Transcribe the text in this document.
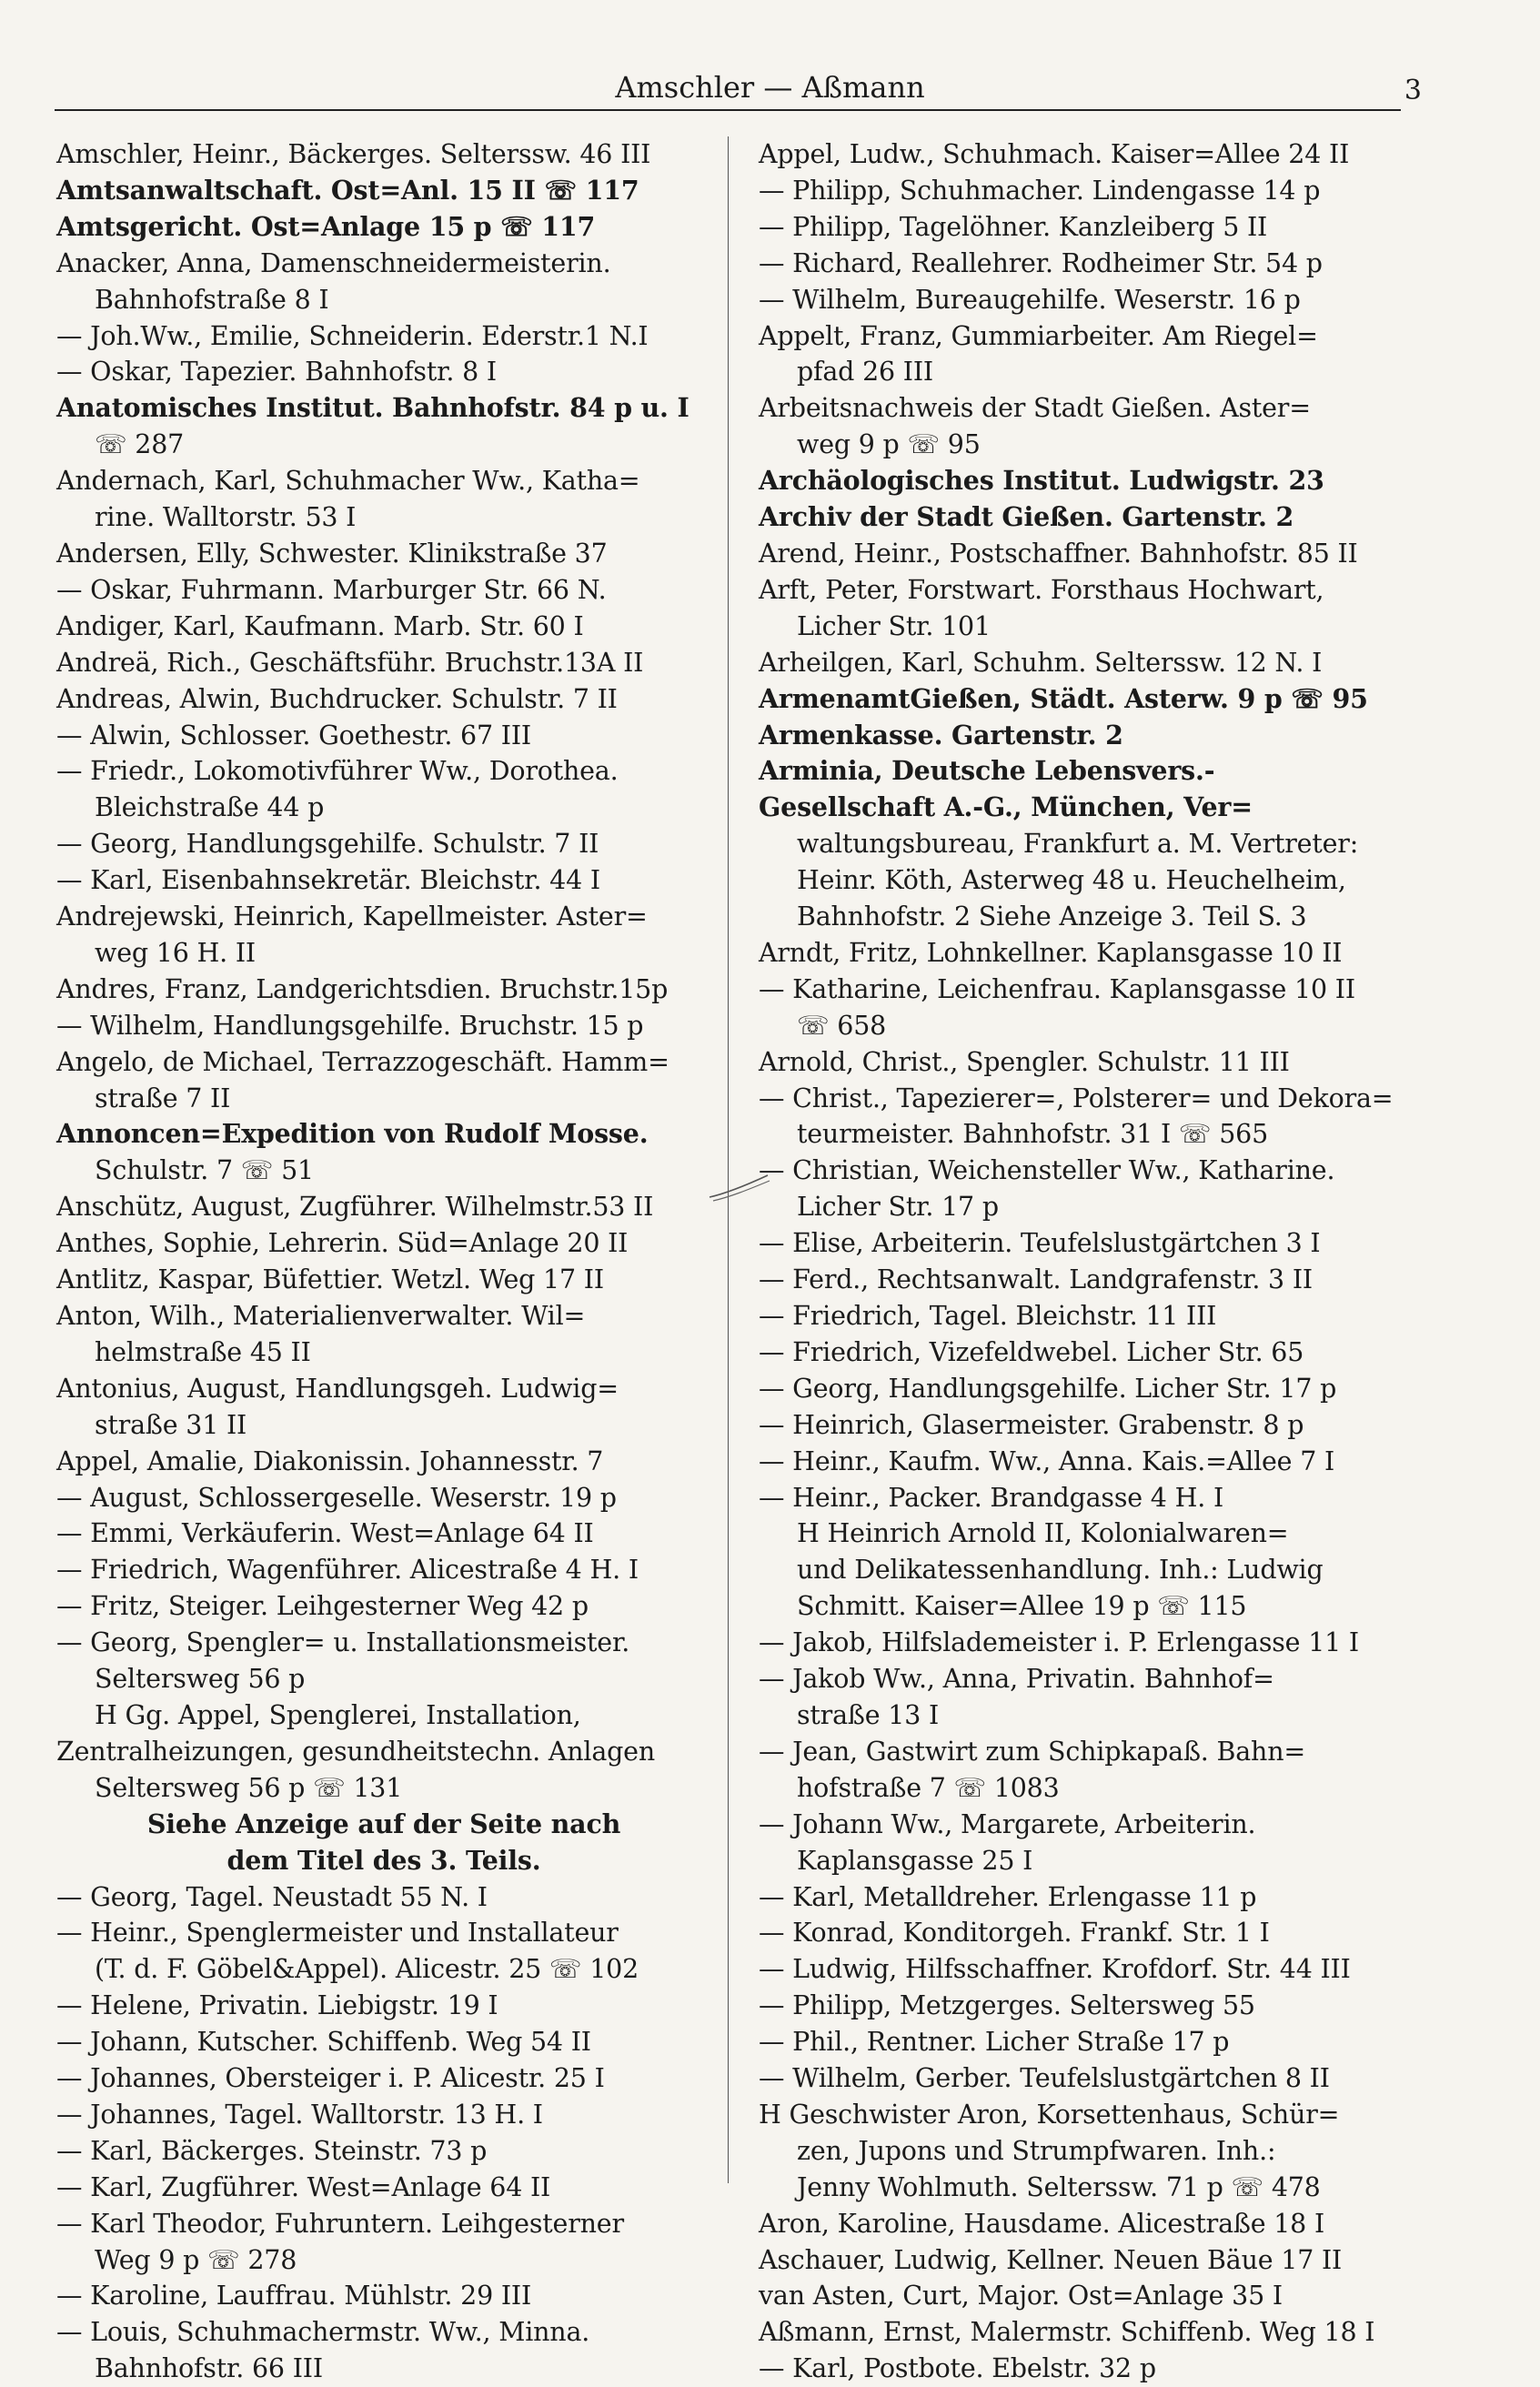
Amschler — Aßmann	3
Amschler, Heinr., Bäckerges. Selterssw. 46 III
Amtsanwaltschaft. Ost=Anl. 15 II ☏ 117
Amtsgericht. Ost=Anlage 15 p ☏ 117
Anacker, Anna, Damenschneidermeisterin.
Bahnhofstraße 8 I
— Joh.Ww., Emilie, Schneiderin. Ederstr.1 N.I
— Oskar, Tapezier. Bahnhofstr. 8 I
Anatomisches Institut. Bahnhofstr. 84 p u. I
☏ 287
Andernach, Karl, Schuhmacher Ww., Katha=
rine. Walltorstr. 53 I
Andersen, Elly, Schwester. Klinikstraße 37
— Oskar, Fuhrmann. Marburger Str. 66 N.
Andiger, Karl, Kaufmann. Marb. Str. 60 I
Andreä, Rich., Geschäftsführ. Bruchstr.13A II
Andreas, Alwin, Buchdrucker. Schulstr. 7 II
— Alwin, Schlosser. Goethestr. 67 III
— Friedr., Lokomotivführer Ww., Dorothea.
Bleichstraße 44 p
— Georg, Handlungsgehilfe. Schulstr. 7 II
— Karl, Eisenbahnsekretär. Bleichstr. 44 I
Andrejewski, Heinrich, Kapellmeister. Aster=
weg 16 H. II
Andres, Franz, Landgerichtsdien. Bruchstr.15p
— Wilhelm, Handlungsgehilfe. Bruchstr. 15 p
Angelo, de Michael, Terrazzogeschäft. Hamm=
straße 7 II
Annoncen=Expedition von Rudolf Mosse.
Schulstr. 7 ☏ 51
Anschütz, August, Zugführer. Wilhelmstr.53 II
Anthes, Sophie, Lehrerin. Süd=Anlage 20 II
Antlitz, Kaspar, Büfettier. Wetzl. Weg 17 II
Anton, Wilh., Materialienverwalter. Wil=
helmstraße 45 II
Antonius, August, Handlungsgeh. Ludwig=
straße 31 II
Appel, Amalie, Diakonissin. Johannesstr. 7
— August, Schlossergeselle. Weserstr. 19 p
— Emmi, Verkäuferin. West=Anlage 64 II
— Friedrich, Wagenführer. Alicestraße 4 H. I
— Fritz, Steiger. Leihgesterner Weg 42 p
— Georg, Spengler= u. Installationsmeister.
Seltersweg 56 p
H Gg. Appel, Spenglerei, Installation,
Zentralheizungen, gesundheitstechn. Anlagen
Seltersweg 56 p ☏ 131
Siehe Anzeige auf der Seite nach
dem Titel des 3. Teils.
— Georg, Tagel. Neustadt 55 N. I
— Heinr., Spenglermeister und Installateur
(T. d. F. Göbel&Appel). Alicestr. 25 ☏ 102
— Helene, Privatin. Liebigstr. 19 I
— Johann, Kutscher. Schiffenb. Weg 54 II
— Johannes, Obersteiger i. P. Alicestr. 25 I
— Johannes, Tagel. Walltorstr. 13 H. I
— Karl, Bäckerges. Steinstr. 73 p
— Karl, Zugführer. West=Anlage 64 II
— Karl Theodor, Fuhruntern. Leihgesterner
Weg 9 p ☏ 278
— Karoline, Lauffrau. Mühlstr. 29 III
— Louis, Schuhmachermstr. Ww., Minna.
Bahnhofstr. 66 III
Appel, Ludw., Schuhmach. Kaiser=Allee 24 II
— Philipp, Schuhmacher. Lindengasse 14 p
— Philipp, Tagelöhner. Kanzleiberg 5 II
— Richard, Reallehrer. Rodheimer Str. 54 p
— Wilhelm, Bureaugehilfe. Weserstr. 16 p
Appelt, Franz, Gummiarbeiter. Am Riegel=
pfad 26 III
Arbeitsnachweis der Stadt Gießen. Aster=
weg 9 p ☏ 95
Archäologisches Institut. Ludwigstr. 23
Archiv der Stadt Gießen. Gartenstr. 2
Arend, Heinr., Postschaffner. Bahnhofstr. 85 II
Arft, Peter, Forstwart. Forsthaus Hochwart,
Licher Str. 101
Arheilgen, Karl, Schuhm. Selterssw. 12 N. I
ArmenamtGießen, Städt. Asterw. 9 p ☏ 95
Armenkasse. Gartenstr. 2
Arminia, Deutsche Lebensvers.-
Gesellschaft A.-G., München, Ver=
waltungsbureau, Frankfurt a. M. Vertreter:
Heinr. Köth, Asterweg 48 u. Heuchelheim,
Bahnhofstr. 2 Siehe Anzeige 3. Teil S. 3
Arndt, Fritz, Lohnkellner. Kaplansgasse 10 II
— Katharine, Leichenfrau. Kaplansgasse 10 II
☏ 658
Arnold, Christ., Spengler. Schulstr. 11 III
— Christ., Tapezierer=, Polsterer= und Dekora=
teurmeister. Bahnhofstr. 31 I ☏ 565
— Christian, Weichensteller Ww., Katharine.
Licher Str. 17 p
— Elise, Arbeiterin. Teufelslustgärtchen 3 I
— Ferd., Rechtsanwalt. Landgrafenstr. 3 II
— Friedrich, Tagel. Bleichstr. 11 III
— Friedrich, Vizefeldwebel. Licher Str. 65
— Georg, Handlungsgehilfe. Licher Str. 17 p
— Heinrich, Glasermeister. Grabenstr. 8 p
— Heinr., Kaufm. Ww., Anna. Kais.=Allee 7 I
— Heinr., Packer. Brandgasse 4 H. I
H Heinrich Arnold II, Kolonialwaren=
und Delikatessenhandlung. Inh.: Ludwig
Schmitt. Kaiser=Allee 19 p ☏ 115
— Jakob, Hilfslademeister i. P. Erlengasse 11 I
— Jakob Ww., Anna, Privatin. Bahnhof=
straße 13 I
— Jean, Gastwirt zum Schipkapaß. Bahn=
hofstraße 7 ☏ 1083
— Johann Ww., Margarete, Arbeiterin.
Kaplansgasse 25 I
— Karl, Metalldreher. Erlengasse 11 p
— Konrad, Konditorgeh. Frankf. Str. 1 I
— Ludwig, Hilfsschaffner. Krofdorf. Str. 44 III
— Philipp, Metzgerges. Seltersweg 55
— Phil., Rentner. Licher Straße 17 p
— Wilhelm, Gerber. Teufelslustgärtchen 8 II
H Geschwister Aron, Korsettenhaus, Schür=
zen, Jupons und Strumpfwaren. Inh.:
Jenny Wohlmuth. Selterssw. 71 p ☏ 478
Aron, Karoline, Hausdame. Alicestraße 18 I
Aschauer, Ludwig, Kellner. Neuen Bäue 17 II
van Asten, Curt, Major. Ost=Anlage 35 I
Aßmann, Ernst, Malermstr. Schiffenb. Weg 18 I
— Karl, Postbote. Ebelstr. 32 p
